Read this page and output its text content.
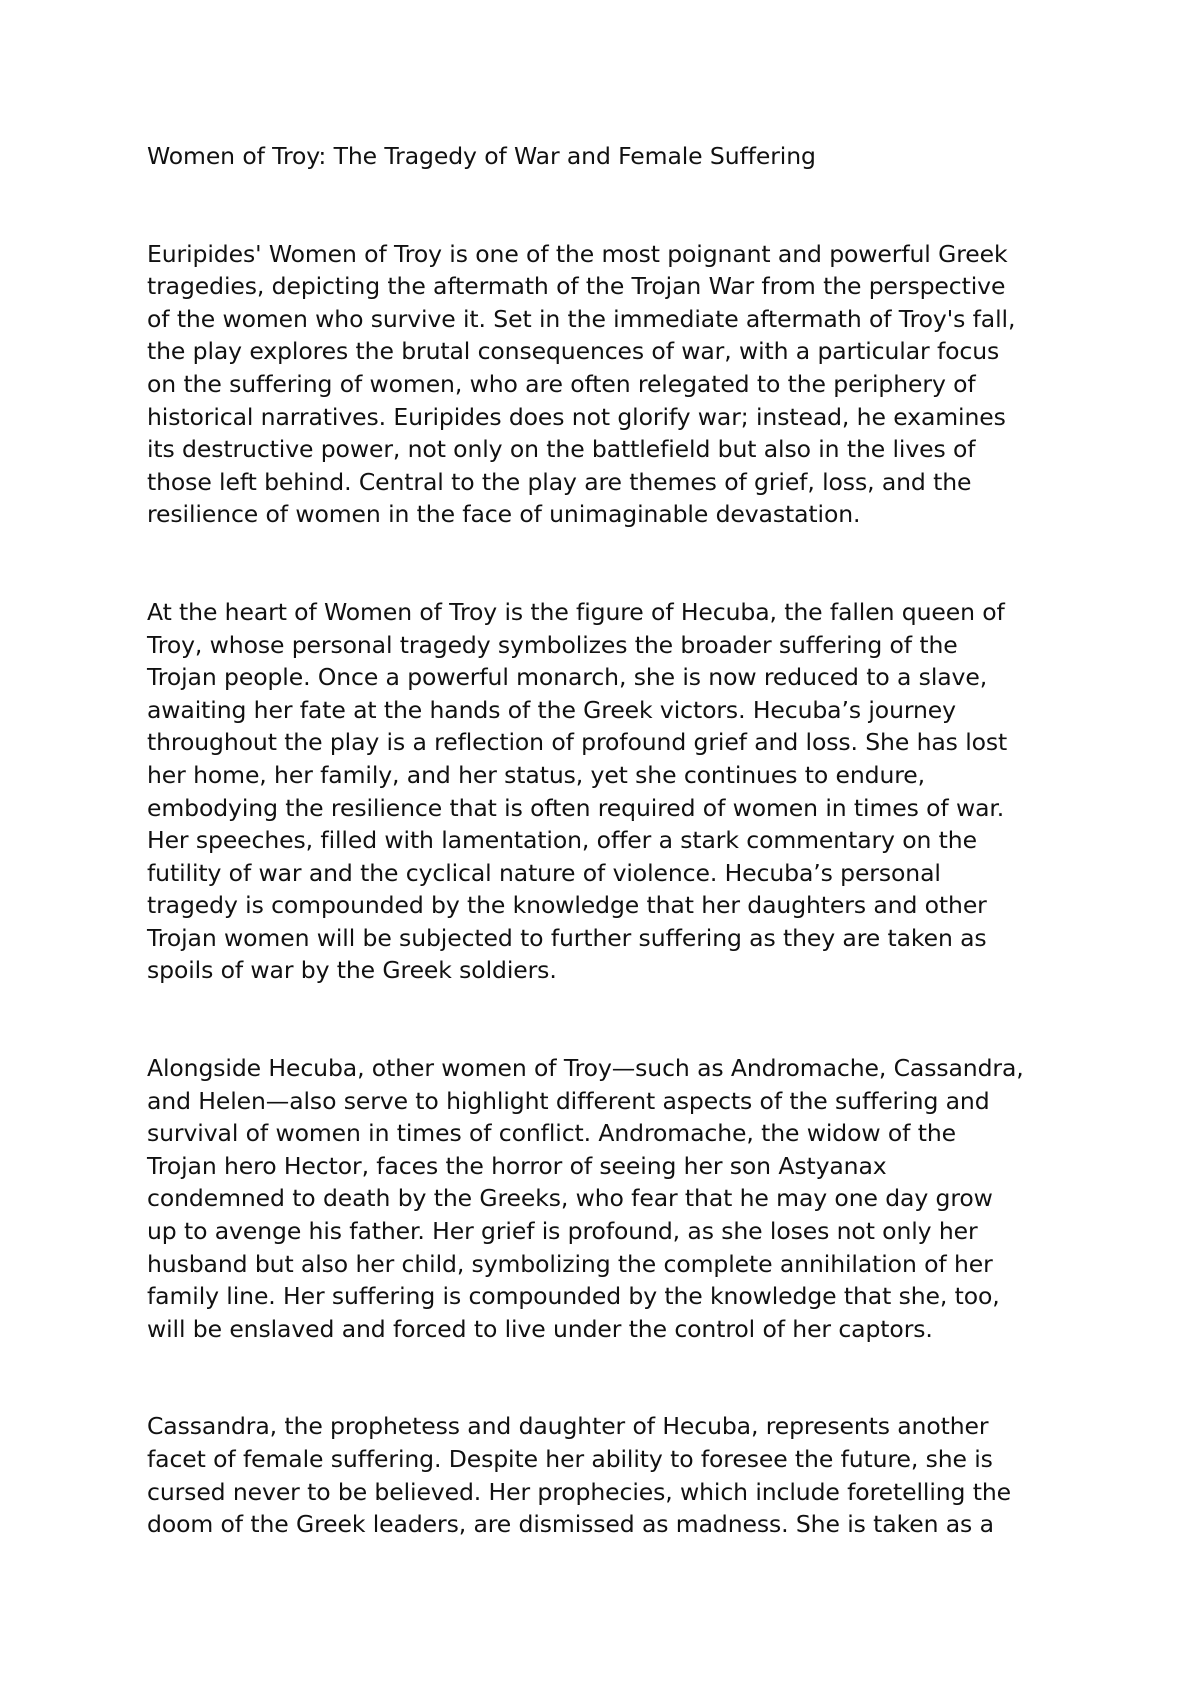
Women of Troy: The Tragedy of War and Female Suffering
Euripides' Women of Troy is one of the most poignant and powerful Greek
tragedies, depicting the aftermath of the Trojan War from the perspective
of the women who survive it. Set in the immediate aftermath of Troy's fall,
the play explores the brutal consequences of war, with a particular focus
on the suffering of women, who are often relegated to the periphery of
historical narratives. Euripides does not glorify war; instead, he examines
its destructive power, not only on the battlefield but also in the lives of
those left behind. Central to the play are themes of grief, loss, and the
resilience of women in the face of unimaginable devastation.
At the heart of Women of Troy is the figure of Hecuba, the fallen queen of
Troy, whose personal tragedy symbolizes the broader suffering of the
Trojan people. Once a powerful monarch, she is now reduced to a slave,
awaiting her fate at the hands of the Greek victors. Hecuba’s journey
throughout the play is a reflection of profound grief and loss. She has lost
her home, her family, and her status, yet she continues to endure,
embodying the resilience that is often required of women in times of war.
Her speeches, filled with lamentation, offer a stark commentary on the
futility of war and the cyclical nature of violence. Hecuba’s personal
tragedy is compounded by the knowledge that her daughters and other
Trojan women will be subjected to further suffering as they are taken as
spoils of war by the Greek soldiers.
Alongside Hecuba, other women of Troy—such as Andromache, Cassandra,
and Helen—also serve to highlight different aspects of the suffering and
survival of women in times of conflict. Andromache, the widow of the
Trojan hero Hector, faces the horror of seeing her son Astyanax
condemned to death by the Greeks, who fear that he may one day grow
up to avenge his father. Her grief is profound, as she loses not only her
husband but also her child, symbolizing the complete annihilation of her
family line. Her suffering is compounded by the knowledge that she, too,
will be enslaved and forced to live under the control of her captors.
Cassandra, the prophetess and daughter of Hecuba, represents another
facet of female suffering. Despite her ability to foresee the future, she is
cursed never to be believed. Her prophecies, which include foretelling the
doom of the Greek leaders, are dismissed as madness. She is taken as a
